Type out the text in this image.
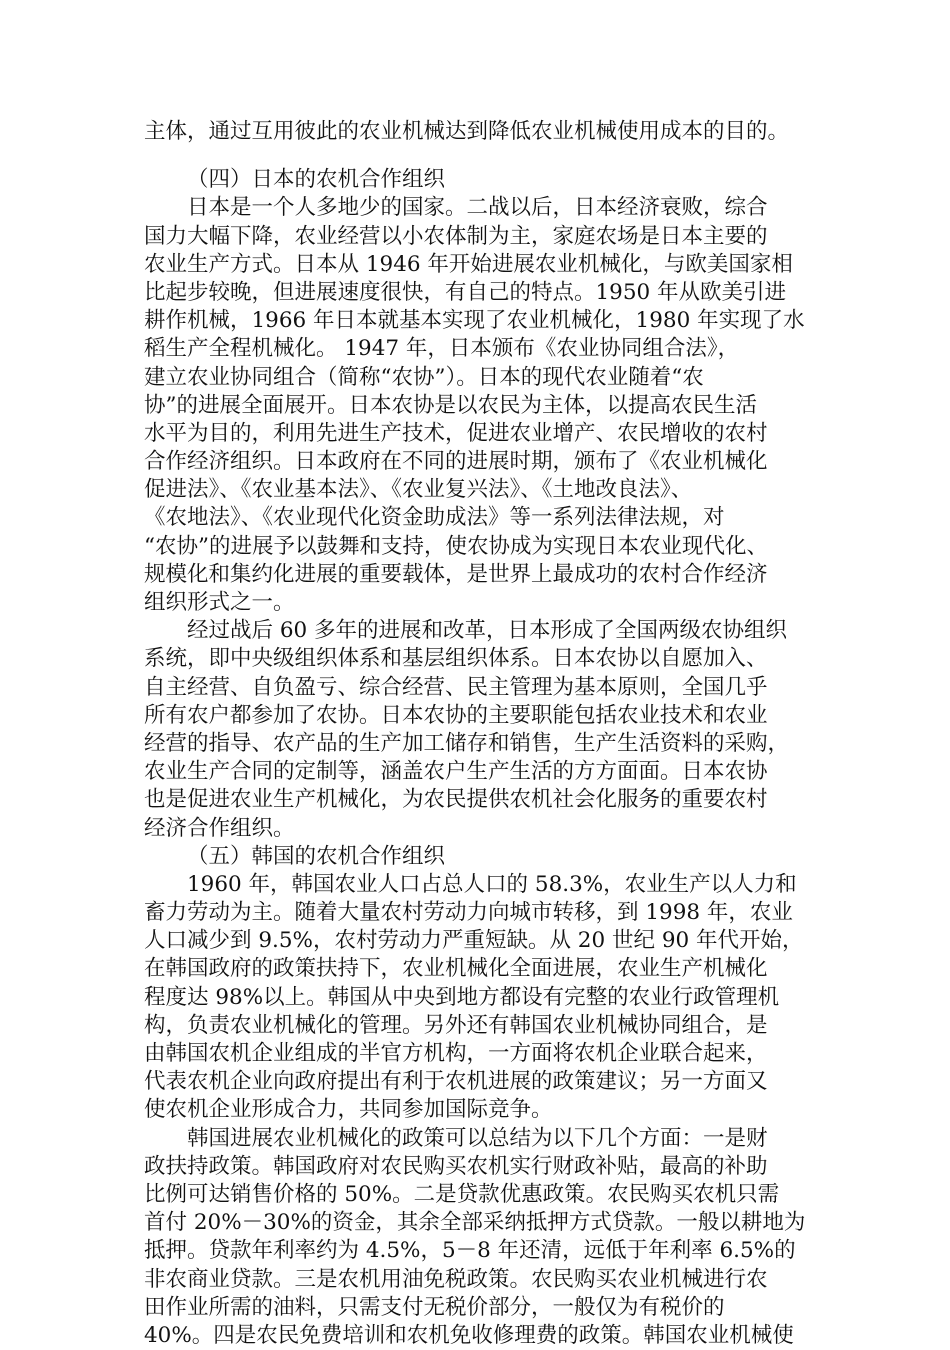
主体，通过互用彼此的农业机械达到降低农业机械使用成本的目的。
（四）日本的农机合作组织
日本是一个人多地少的国家。二战以后，日本经济衰败，综合
国力大幅下降，农业经营以小农体制为主，家庭农场是日本主要的
农业生产方式。日本从 1946 年开始进展农业机械化，与欧美国家相
比起步较晚，但进展速度很快，有自己的特点。1950 年从欧美引进
耕作机械，1966 年日本就基本实现了农业机械化，1980 年实现了水
稻生产全程机械化。 1947 年，日本颁布《农业协同组合法》，
建立农业协同组合（简称“农协”）。日本的现代农业随着“农
协”的进展全面展开。日本农协是以农民为主体，以提高农民生活
水平为目的，利用先进生产技术，促进农业增产、农民增收的农村
合作经济组织。日本政府在不同的进展时期，颁布了《农业机械化
促进法》、《农业基本法》、《农业复兴法》、《土地改良法》、
《农地法》、《农业现代化资金助成法》等一系列法律法规，对
“农协”的进展予以鼓舞和支持，使农协成为实现日本农业现代化、
规模化和集约化进展的重要载体，是世界上最成功的农村合作经济
组织形式之一。
经过战后 60 多年的进展和改革，日本形成了全国两级农协组织
系统，即中央级组织体系和基层组织体系。日本农协以自愿加入、
自主经营、自负盈亏、综合经营、民主管理为基本原则，全国几乎
所有农户都参加了农协。日本农协的主要职能包括农业技术和农业
经营的指导、农产品的生产加工储存和销售，生产生活资料的采购，
农业生产合同的定制等，涵盖农户生产生活的方方面面。日本农协
也是促进农业生产机械化，为农民提供农机社会化服务的重要农村
经济合作组织。
（五）韩国的农机合作组织
1960 年，韩国农业人口占总人口的 58.3%，农业生产以人力和
畜力劳动为主。随着大量农村劳动力向城市转移，到 1998 年，农业
人口减少到 9.5%，农村劳动力严重短缺。从 20 世纪 90 年代开始，
在韩国政府的政策扶持下，农业机械化全面进展，农业生产机械化
程度达 98%以上。韩国从中央到地方都设有完整的农业行政管理机
构，负责农业机械化的管理。另外还有韩国农业机械协同组合，是
由韩国农机企业组成的半官方机构，一方面将农机企业联合起来，
代表农机企业向政府提出有利于农机进展的政策建议；另一方面又
使农机企业形成合力，共同参加国际竞争。
韩国进展农业机械化的政策可以总结为以下几个方面：一是财
政扶持政策。韩国政府对农民购买农机实行财政补贴，最高的补助
比例可达销售价格的 50%。二是贷款优惠政策。农民购买农机只需
首付 20%－30%的资金，其余全部采纳抵押方式贷款。一般以耕地为
抵押。贷款年利率约为 4.5%，5－8 年还清，远低于年利率 6.5%的
非农商业贷款。三是农机用油免税政策。农民购买农业机械进行农
田作业所需的油料，只需支付无税价部分，一般仅为有税价的
40%。四是农民免费培训和农机免收修理费的政策。韩国农业机械使
